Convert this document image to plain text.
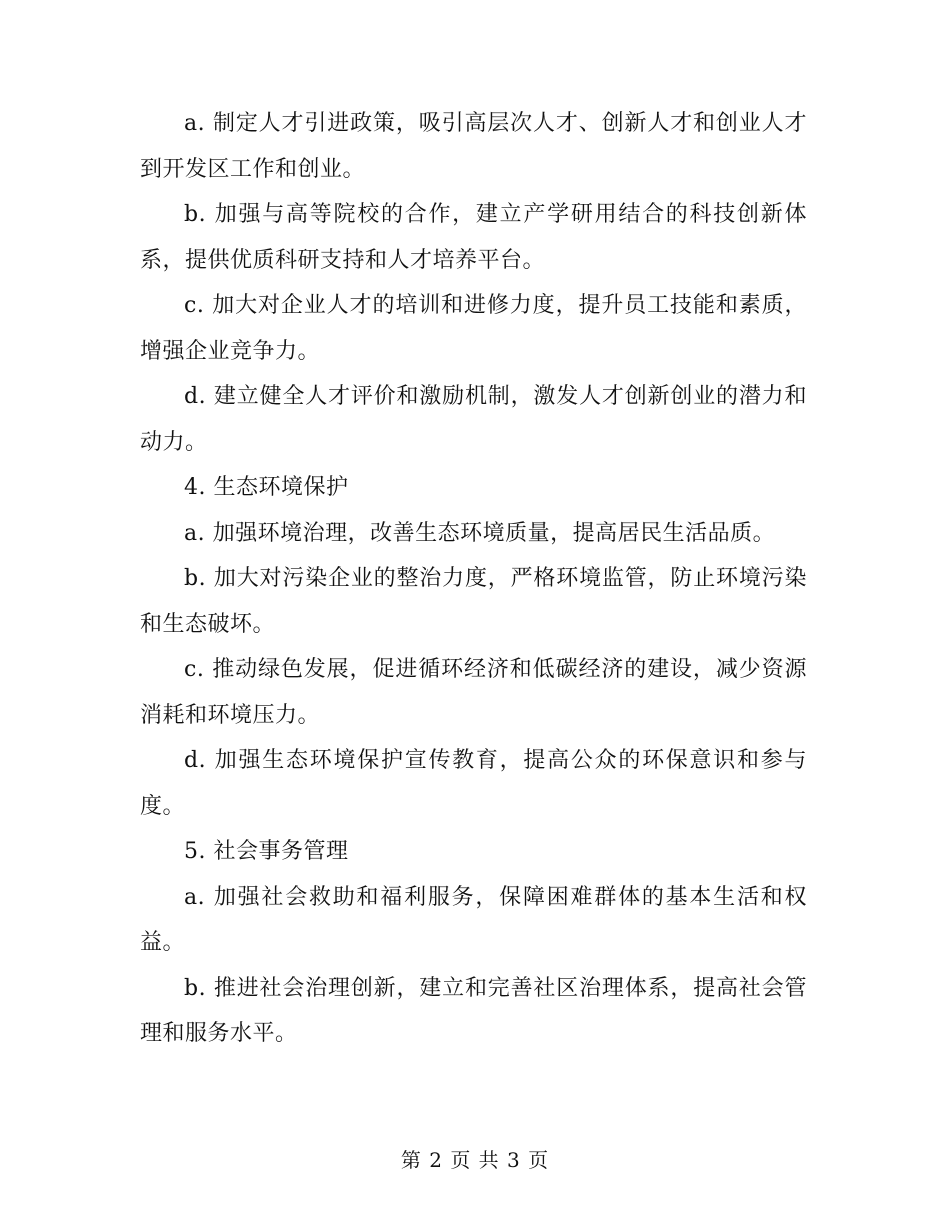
a. 制定人才引进政策，吸引高层次人才、创新人才和创业人才到开发区工作和创业。

b. 加强与高等院校的合作，建立产学研用结合的科技创新体系，提供优质科研支持和人才培养平台。

c. 加大对企业人才的培训和进修力度，提升员工技能和素质，增强企业竞争力。

d. 建立健全人才评价和激励机制，激发人才创新创业的潜力和动力。

4. 生态环境保护

a. 加强环境治理，改善生态环境质量，提高居民生活品质。

b. 加大对污染企业的整治力度，严格环境监管，防止环境污染和生态破坏。

c. 推动绿色发展，促进循环经济和低碳经济的建设，减少资源消耗和环境压力。

d. 加强生态环境保护宣传教育，提高公众的环保意识和参与度。

5. 社会事务管理

a. 加强社会救助和福利服务，保障困难群体的基本生活和权益。

b. 推进社会治理创新，建立和完善社区治理体系，提高社会管理和服务水平。

第 2 页 共 3 页
